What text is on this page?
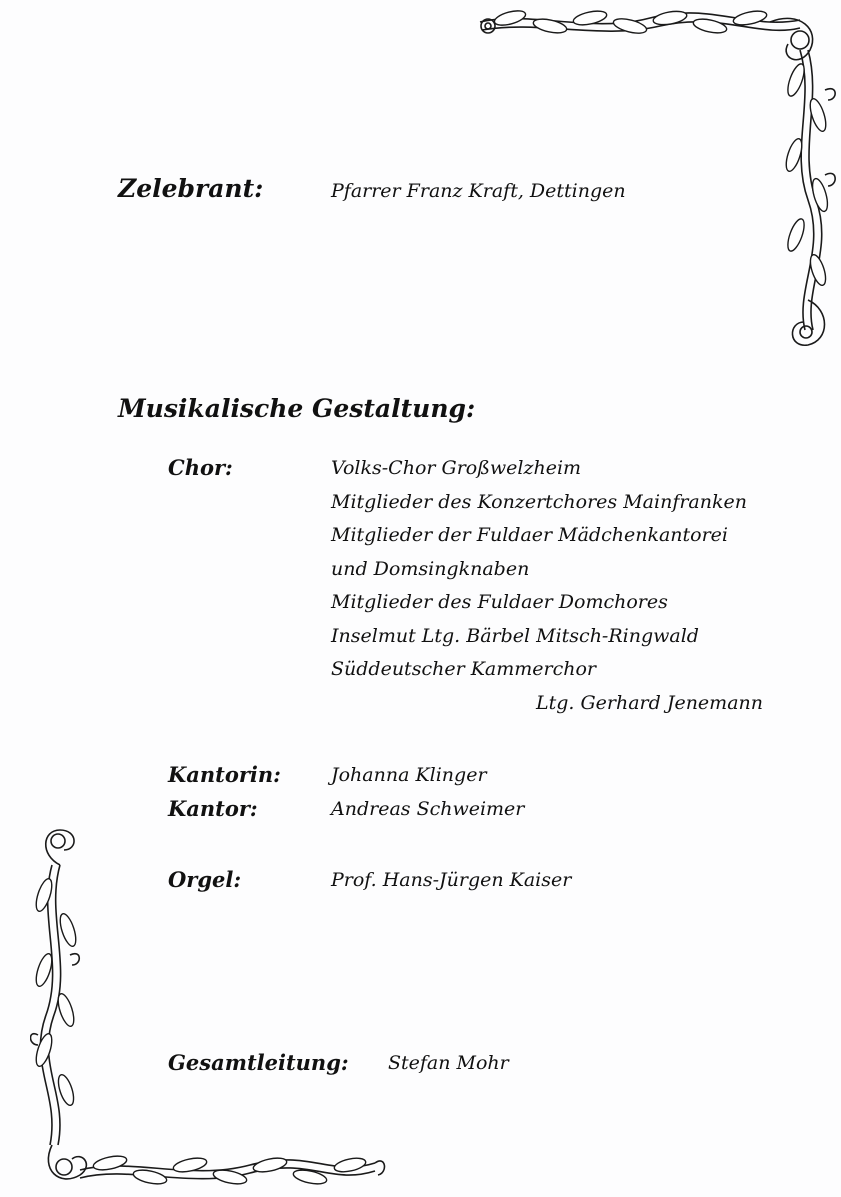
Zelebrant:	Pfarrer Franz Kraft, Dettingen
Musikalische Gestaltung:
Chor:	Volks-Chor Großwelzheim
Mitglieder des Konzertchores Mainfranken
Mitglieder der Fuldaer Mädchenkantorei
und Domsingknaben
Mitglieder des Fuldaer Domchores
Inselmut Ltg. Bärbel Mitsch-Ringwald
Süddeutscher Kammerchor
Ltg. Gerhard Jenemann
Kantorin:	Johanna Klinger
Kantor:	Andreas Schweimer
Orgel:	Prof. Hans-Jürgen Kaiser
Gesamtleitung: Stefan Mohr
